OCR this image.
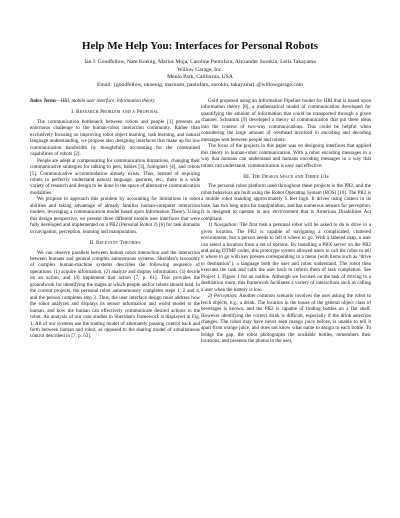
Help Me Help You: Interfaces for Personal Robots
Ian J. Goodfellow, Nate Koenig, Marius Muja, Caroline Pantofaru, Alexander Sorokin, Leila Takayama
Willow Garage, Inc.
Menlo Park, California, USA
Email: {goodfellow, nkoenig, mariusm, pantofaru, sorokin, takayama} @willowgarage.com
Index Terms—HRI, mobile user interface, information theory
I. Research Problem and a Proposal

The communication bottleneck between robots and people [1] presents an enormous challenge to the human-robot interaction community. Rather than exclusively focusing on improving robot object learning, task learning, and natural language understanding, we propose also designing interfaces that make up for low communication bandwidth by thoughtfully accounting for the constrained capabilities of robots [2].

People are adept at compensating for communication limitations, changing their communicative strategies for talking to pets, babies [3], foreigners [4], and robots [5]. Communicative accommodation already exists. Thus, instead of requiring robots to perfectly understand natural language, gestures, etc., there is a wide variety of research and design to be done in the space of alternative communication modalities.

We propose to approach this problem by accounting for limitations in robot abilities and taking advantage of already familiar human-computer interaction models, leveraging a communication model based upon Information Theory. Using this design perspective, we present three different mobile user interfaces that were fully developed and implemented on a PR2 (Personal Robot 2) [6] for task domains in navigation, perception, learning and manipulation.

II. Relevant Theories

We can observe parallels between human robot interaction and the interaction between humans and general complex autonomous systems. Sheridan's taxonomy of complex human-machine systems describes the following sequence of operations: (1) acquire information, (2) analyze and display information, (3) decide on an action, and (4) implement that action [7, p. 61]. This provides the groundwork for identifying the stages at which people and/or robots should lead. In the current projects, the personal robot autonomously completes steps 1, 2 and 4, and the person completes step 3. Thus, the user interface design must address how the robot analyzes and displays its sensor information and world model to the human, and how the human can effectively communicate desired actions to the robot. An analysis of our case studies in Sheridan's framework is displayed in Fig. 1. All of our systems use the trading model of alternately passing control back and forth between human and robot, as opposed to the sharing model of simultaneous control described in [7, p. 63].

Gold proposed using an Information Pipeline model for HRI that is based upon information theory [8], a mathematical model of communication developed for quantifying the amount of information that could be transported through a given channel. Schramm [9] developed a theory of communication that put these ideas into the context of two-way communications. This could be helpful when considering the large amount of overhead involved in encoding and decoding messages sent between people and robots.

The focus of the projects in this paper was on designing interfaces that applied this theory to human-robot communication. With a robot encoding messages in a way that humans can understand and humans encoding messages in a way that robots can understand, communication is easy and effective.

III. The Design Space and Three UIs

The personal robot platform used throughout these projects is the PR2, and the robot behaviors are built using the Robot Operating System (ROS) [10]. The PR2 is a mobile robot standing approximately 5 feet high. It drives using casters in its base, has two long arms for manipulation, and has numerous sensors for perception. It is designed to operate in any environment that is American Disabilities Act compliant.

1) Navigation: The first task a personal robot will be asked to do is drive to a given location. The PR2 is capable of navigating a complicated, cluttered environment, but a person needs to tell it where to go. With a labeled map, a user can select a location from a set of options. By installing a PBX server on the PR2 and using DTMF codes, this prototype system allowed users to call the robot to tell it where to go with key presses corresponding to a menu (with items such as "drive to destination"), a language both the user and robot understand. The robot then executes the task and calls the user back to inform them of task completion. See Project 1, Figure 1 for an outline. Although we focused on the task of driving to a destination room, this framework facilitates a variety of interactions such as calling a user when the battery is low.

2) Perception: Another common scenario involves the user asking the robot to fetch objects, e.g., a drink. The location in the house of the general object class of beverages is known, and the PR2 is capable of finding bottles on a flat shelf. However identifying the correct drink is difficult, especially if the drink selection changes. The robot may have never seen mango juice before, is unable to tell it apart from orange juice, and does not know what name to assign to each bottle. To bridge the gap, the robot photographs the available bottles, remembers their locations, and presents the photos to the user,
